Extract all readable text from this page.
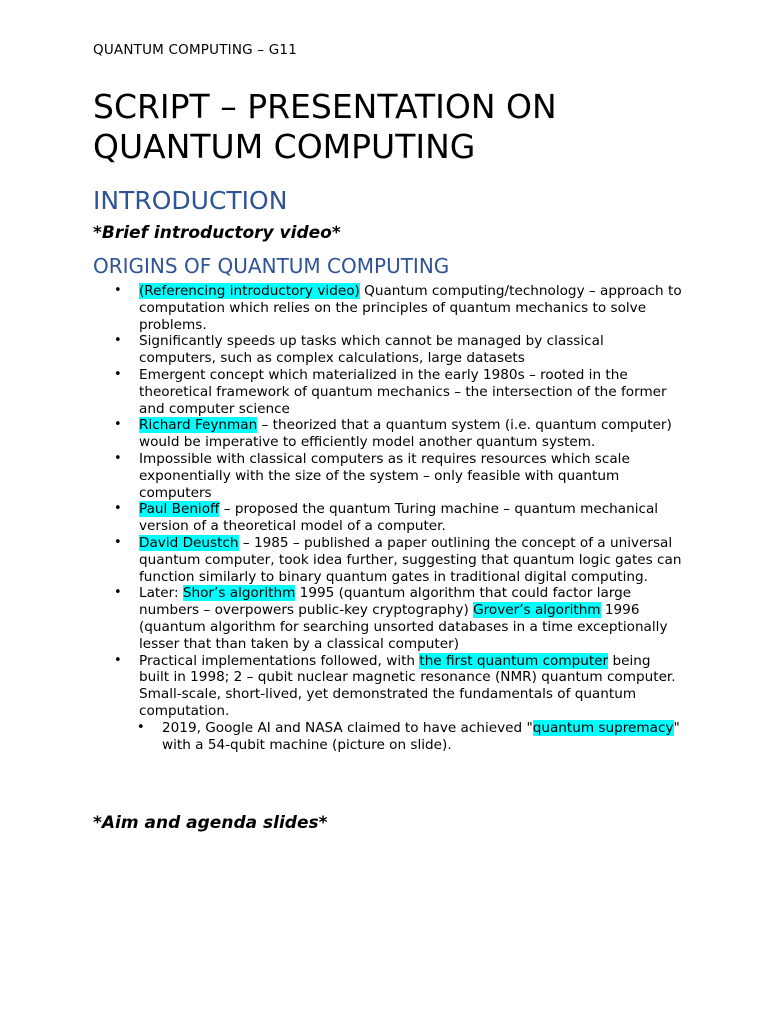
QUANTUM COMPUTING – G11
SCRIPT – PRESENTATION ON
QUANTUM COMPUTING
INTRODUCTION
*Brief introductory video*
ORIGINS OF QUANTUM COMPUTING
• (Referencing introductory video) Quantum computing/technology – approach to computation which relies on the principles of quantum mechanics to solve problems.
• Significantly speeds up tasks which cannot be managed by classical computers, such as complex calculations, large datasets
• Emergent concept which materialized in the early 1980s – rooted in the theoretical framework of quantum mechanics – the intersection of the former and computer science
• Richard Feynman – theorized that a quantum system (i.e. quantum computer) would be imperative to efficiently model another quantum system.
• Impossible with classical computers as it requires resources which scale exponentially with the size of the system – only feasible with quantum computers
• Paul Benioff – proposed the quantum Turing machine – quantum mechanical version of a theoretical model of a computer.
• David Deustch – 1985 – published a paper outlining the concept of a universal quantum computer, took idea further, suggesting that quantum logic gates can function similarly to binary quantum gates in traditional digital computing.
• Later: Shor’s algorithm 1995 (quantum algorithm that could factor large numbers – overpowers public-key cryptography) Grover’s algorithm 1996 (quantum algorithm for searching unsorted databases in a time exceptionally lesser that than taken by a classical computer)
• Practical implementations followed, with the first quantum computer being built in 1998; 2 – qubit nuclear magnetic resonance (NMR) quantum computer.
Small-scale, short-lived, yet demonstrated the fundamentals of quantum computation.
• 2019, Google AI and NASA claimed to have achieved "quantum supremacy" with a 54-qubit machine (picture on slide).
*Aim and agenda slides*
